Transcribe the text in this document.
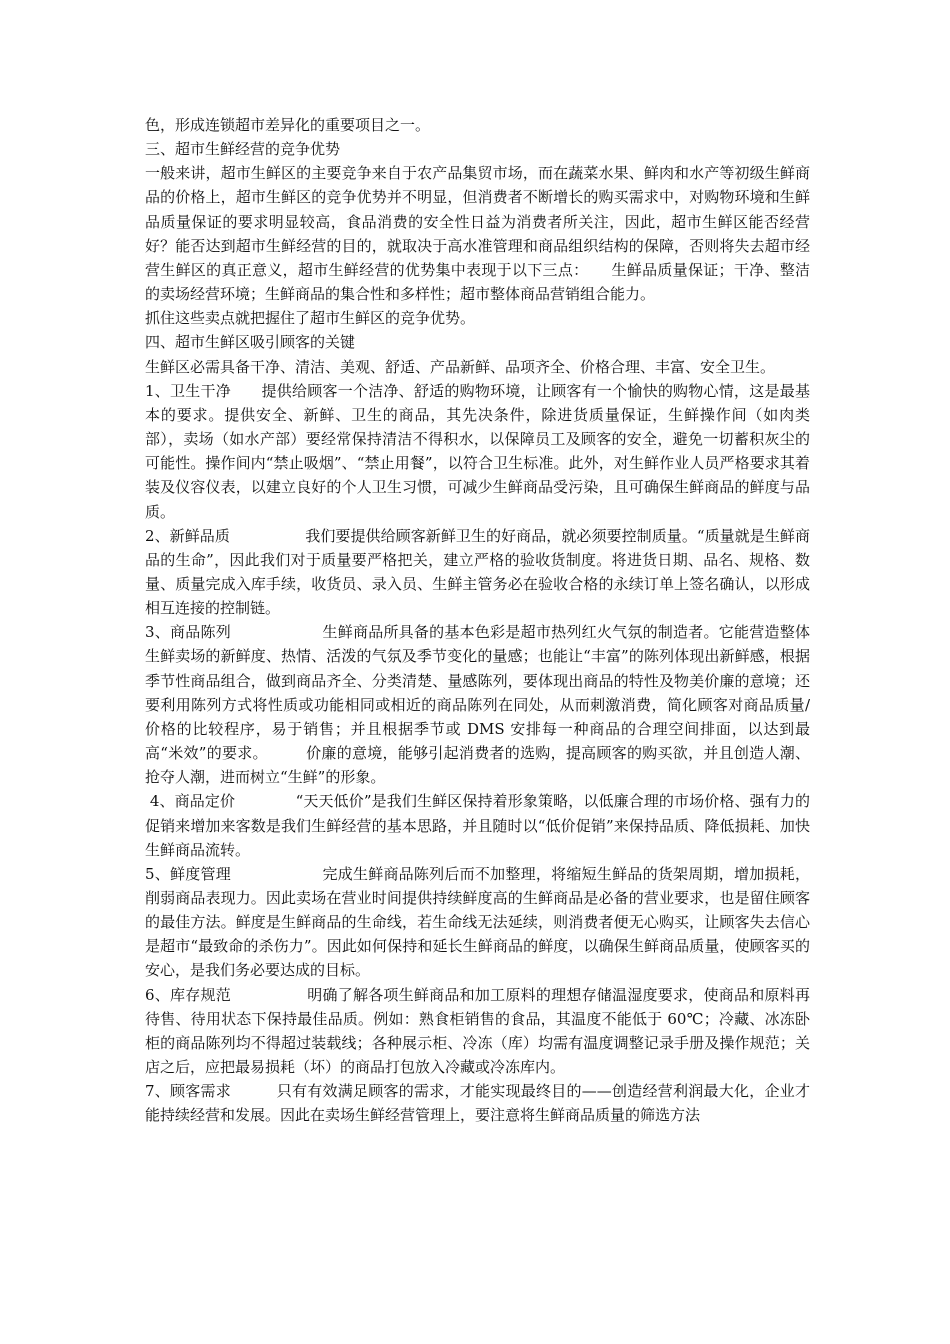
色，形成连锁超市差异化的重要项目之一。

三、超市生鲜经营的竞争优势

一般来讲，超市生鲜区的主要竞争来自于农产品集贸市场，而在蔬菜水果、鲜肉和水产等初级生鲜商品的价格上，超市生鲜区的竞争优势并不明显，但消费者不断增长的购买需求中，对购物环境和生鲜品质量保证的要求明显较高，食品消费的安全性日益为消费者所关注，因此，超市生鲜区能否经营好？能否达到超市生鲜经营的目的，就取决于高水准管理和商品组织结构的保障，否则将失去超市经营生鲜区的真正意义，超市生鲜经营的优势集中表现于以下三点：　　生鲜品质量保证；干净、整洁的卖场经营环境；生鲜商品的集合性和多样性；超市整体商品营销组合能力。

抓住这些卖点就把握住了超市生鲜区的竞争优势。

四、超市生鲜区吸引顾客的关键

生鲜区必需具备干净、清洁、美观、舒适、产品新鲜、品项齐全、价格合理、丰富、安全卫生。

1、卫生干净　　提供给顾客一个洁净、舒适的购物环境，让顾客有一个愉快的购物心情，这是最基本的要求。提供安全、新鲜、卫生的商品，其先决条件，除进货质量保证，生鲜操作间（如肉类部），卖场（如水产部）要经常保持清洁不得积水，以保障员工及顾客的安全，避免一切蓄积灰尘的可能性。操作间内“禁止吸烟”、“禁止用餐”，以符合卫生标准。此外，对生鲜作业人员严格要求其着装及仪容仪表，以建立良好的个人卫生习惯，可减少生鲜商品受污染，且可确保生鲜商品的鲜度与品质。

2、新鲜品质　　　　　我们要提供给顾客新鲜卫生的好商品，就必须要控制质量。“质量就是生鲜商品的生命”，因此我们对于质量要严格把关，建立严格的验收货制度。将进货日期、品名、规格、数量、质量完成入库手续，收货员、录入员、生鲜主管务必在验收合格的永续订单上签名确认，以形成相互连接的控制链。

3、商品陈列　　　　　　生鲜商品所具备的基本色彩是超市热列红火气氛的制造者。它能营造整体生鲜卖场的新鲜度、热情、活泼的气氛及季节变化的量感；也能让“丰富”的陈列体现出新鲜感，根据季节性商品组合，做到商品齐全、分类清楚、量感陈列，要体现出商品的特性及物美价廉的意境；还要利用陈列方式将性质或功能相同或相近的商品陈列在同处，从而刺激消费，简化顾客对商品质量/价格的比较程序，易于销售；并且根据季节或 DMS 安排每一种商品的合理空间排面，以达到最高“米效”的要求。　　　价廉的意境，能够引起消费者的选购，提高顾客的购买欲，并且创造人潮、抢夺人潮，进而树立“生鲜”的形象。

4、商品定价　　　　“天天低价”是我们生鲜区保持着形象策略，以低廉合理的市场价格、强有力的促销来增加来客数是我们生鲜经营的基本思路，并且随时以“低价促销”来保持品质、降低损耗、加快生鲜商品流转。

5、鲜度管理　　　　　　完成生鲜商品陈列后而不加整理，将缩短生鲜品的货架周期，增加损耗，削弱商品表现力。因此卖场在营业时间提供持续鲜度高的生鲜商品是必备的营业要求，也是留住顾客的最佳方法。鲜度是生鲜商品的生命线，若生命线无法延续，则消费者便无心购买，让顾客失去信心是超市“最致命的杀伤力”。因此如何保持和延长生鲜商品的鲜度，以确保生鲜商品质量，使顾客买的安心，是我们务必要达成的目标。

6、库存规范　　　　　明确了解各项生鲜商品和加工原料的理想存储温湿度要求，使商品和原料再待售、待用状态下保持最佳品质。例如：熟食柜销售的食品，其温度不能低于 60℃；冷藏、冰冻卧柜的商品陈列均不得超过装载线；各种展示柜、冷冻（库）均需有温度调整记录手册及操作规范；关店之后，应把最易损耗（坏）的商品打包放入冷藏或冷冻库内。

7、顾客需求　　　只有有效满足顾客的需求，才能实现最终目的——创造经营利润最大化，企业才能持续经营和发展。因此在卖场生鲜经营管理上，要注意将生鲜商品质量的筛选方法
